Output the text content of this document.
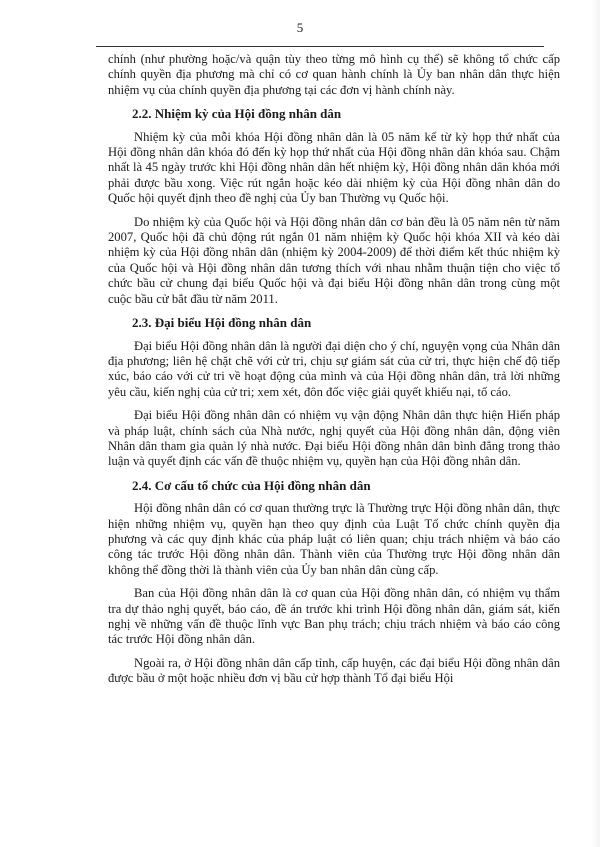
5

chính (như phường hoặc/và quận tùy theo từng mô hình cụ thể) sẽ không tổ chức cấp chính quyền địa phương mà chỉ có cơ quan hành chính là Ủy ban nhân dân thực hiện nhiệm vụ của chính quyền địa phương tại các đơn vị hành chính này.

2.2. Nhiệm kỳ của Hội đồng nhân dân

Nhiệm kỳ của mỗi khóa Hội đồng nhân dân là 05 năm kể từ kỳ họp thứ nhất của Hội đồng nhân dân khóa đó đến kỳ họp thứ nhất của Hội đồng nhân dân khóa sau. Chậm nhất là 45 ngày trước khi Hội đồng nhân dân hết nhiệm kỳ, Hội đồng nhân dân khóa mới phải được bầu xong. Việc rút ngắn hoặc kéo dài nhiệm kỳ của Hội đồng nhân dân do Quốc hội quyết định theo đề nghị của Ủy ban Thường vụ Quốc hội.

Do nhiệm kỳ của Quốc hội và Hội đồng nhân dân cơ bản đều là 05 năm nên từ năm 2007, Quốc hội đã chủ động rút ngắn 01 năm nhiệm kỳ Quốc hội khóa XII và kéo dài nhiệm kỳ của Hội đồng nhân dân (nhiệm kỳ 2004-2009) để thời điểm kết thúc nhiệm kỳ của Quốc hội và Hội đồng nhân dân tương thích với nhau nhằm thuận tiện cho việc tổ chức bầu cử chung đại biểu Quốc hội và đại biểu Hội đồng nhân dân trong cùng một cuộc bầu cử bắt đầu từ năm 2011.

2.3. Đại biểu Hội đồng nhân dân

Đại biểu Hội đồng nhân dân là người đại diện cho ý chí, nguyện vọng của Nhân dân địa phương; liên hệ chặt chẽ với cử tri, chịu sự giám sát của cử tri, thực hiện chế độ tiếp xúc, báo cáo với cử tri về hoạt động của mình và của Hội đồng nhân dân, trả lời những yêu cầu, kiến nghị của cử tri; xem xét, đôn đốc việc giải quyết khiếu nại, tố cáo.

Đại biểu Hội đồng nhân dân có nhiệm vụ vận động Nhân dân thực hiện Hiến pháp và pháp luật, chính sách của Nhà nước, nghị quyết của Hội đồng nhân dân, động viên Nhân dân tham gia quản lý nhà nước. Đại biểu Hội đồng nhân dân bình đẳng trong thảo luận và quyết định các vấn đề thuộc nhiệm vụ, quyền hạn của Hội đồng nhân dân.

2.4. Cơ cấu tổ chức của Hội đồng nhân dân

Hội đồng nhân dân có cơ quan thường trực là Thường trực Hội đồng nhân dân, thực hiện những nhiệm vụ, quyền hạn theo quy định của Luật Tổ chức chính quyền địa phương và các quy định khác của pháp luật có liên quan; chịu trách nhiệm và báo cáo công tác trước Hội đồng nhân dân. Thành viên của Thường trực Hội đồng nhân dân không thể đồng thời là thành viên của Ủy ban nhân dân cùng cấp.

Ban của Hội đồng nhân dân là cơ quan của Hội đồng nhân dân, có nhiệm vụ thẩm tra dự thảo nghị quyết, báo cáo, đề án trước khi trình Hội đồng nhân dân, giám sát, kiến nghị về những vấn đề thuộc lĩnh vực Ban phụ trách; chịu trách nhiệm và báo cáo công tác trước Hội đồng nhân dân.

Ngoài ra, ở Hội đồng nhân dân cấp tỉnh, cấp huyện, các đại biểu Hội đồng nhân dân được bầu ở một hoặc nhiều đơn vị bầu cử hợp thành Tổ đại biểu Hội
